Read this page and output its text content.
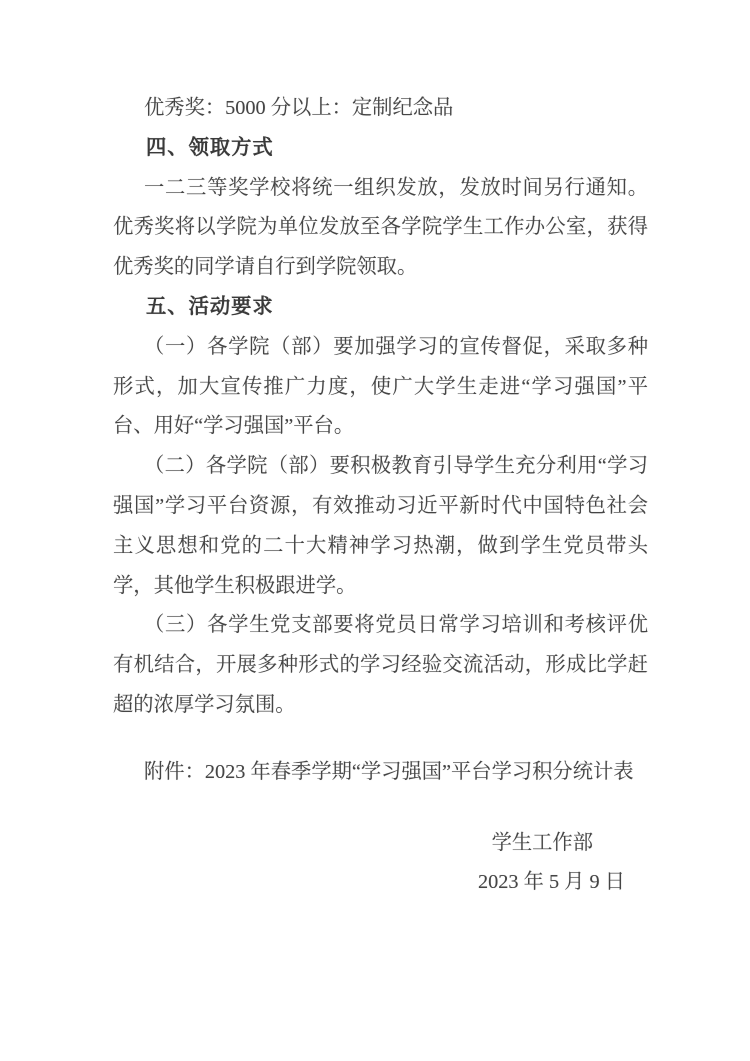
优秀奖：5000 分以上：定制纪念品

四、领取方式

一二三等奖学校将统一组织发放，发放时间另行通知。优秀奖将以学院为单位发放至各学院学生工作办公室，获得优秀奖的同学请自行到学院领取。

五、活动要求

（一）各学院（部）要加强学习的宣传督促，采取多种形式，加大宣传推广力度，使广大学生走进“学习强国”平台、用好“学习强国”平台。

（二）各学院（部）要积极教育引导学生充分利用“学习强国”学习平台资源，有效推动习近平新时代中国特色社会主义思想和党的二十大精神学习热潮，做到学生党员带头学，其他学生积极跟进学。

（三）各学生党支部要将党员日常学习培训和考核评优有机结合，开展多种形式的学习经验交流活动，形成比学赶超的浓厚学习氛围。

附件：2023 年春季学期“学习强国”平台学习积分统计表

学生工作部

2023 年 5 月 9 日
